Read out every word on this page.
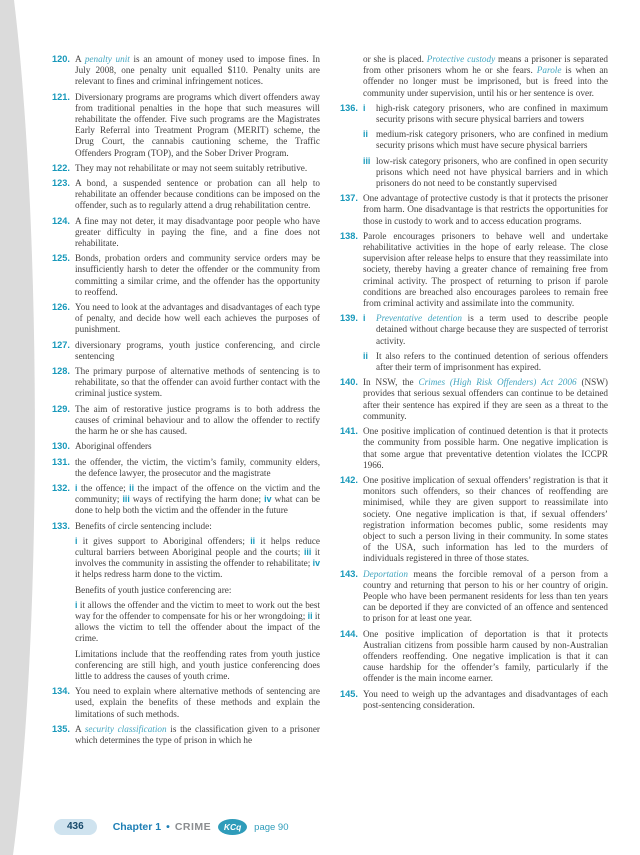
120. A penalty unit is an amount of money used to impose fines. In July 2008, one penalty unit equalled $110. Penalty units are relevant to fines and criminal infringement notices.
121. Diversionary programs are programs which divert offenders away from traditional penalties in the hope that such measures will rehabilitate the offender. Five such programs are the Magistrates Early Referral into Treatment Program (MERIT) scheme, the Drug Court, the cannabis cautioning scheme, the Traffic Offenders Program (TOP), and the Sober Driver Program.
122. They may not rehabilitate or may not seem suitably retributive.
123. A bond, a suspended sentence or probation can all help to rehabilitate an offender because conditions can be imposed on the offender, such as to regularly attend a drug rehabilitation centre.
124. A fine may not deter, it may disadvantage poor people who have greater difficulty in paying the fine, and a fine does not rehabilitate.
125. Bonds, probation orders and community service orders may be insufficiently harsh to deter the offender or the community from committing a similar crime, and the offender has the opportunity to reoffend.
126. You need to look at the advantages and disadvantages of each type of penalty, and decide how well each achieves the purposes of punishment.
127. diversionary programs, youth justice conferencing, and circle sentencing
128. The primary purpose of alternative methods of sentencing is to rehabilitate, so that the offender can avoid further contact with the criminal justice system.
129. The aim of restorative justice programs is to both address the causes of criminal behaviour and to allow the offender to rectify the harm he or she has caused.
130. Aboriginal offenders
131. the offender, the victim, the victim’s family, community elders, the defence lawyer, the prosecutor and the magistrate
132. i the offence; ii the impact of the offence on the victim and the community; iii ways of rectifying the harm done; iv what can be done to help both the victim and the offender in the future
133. Benefits of circle sentencing include:
i it gives support to Aboriginal offenders; ii it helps reduce cultural barriers between Aboriginal people and the courts; iii it involves the community in assisting the offender to rehabilitate; iv it helps redress harm done to the victim.
Benefits of youth justice conferencing are:
i it allows the offender and the victim to meet to work out the best way for the offender to compensate for his or her wrongdoing; ii it allows the victim to tell the offender about the impact of the crime.
Limitations include that the reoffending rates from youth justice conferencing are still high, and youth justice conferencing does little to address the causes of youth crime.
134. You need to explain where alternative methods of sentencing are used, explain the benefits of these methods and explain the limitations of such methods.
135. A security classification is the classification given to a prisoner which determines the type of prison in which he
or she is placed. Protective custody means a prisoner is separated from other prisoners whom he or she fears. Parole is when an offender no longer must be imprisoned, but is freed into the community under supervision, until his or her sentence is over.
136. i	high-risk category prisoners, who are confined in maximum security prisons with secure physical barriers and towers
ii medium-risk category prisoners, who are confined in medium security prisons which must have secure physical barriers
iii low-risk category prisoners, who are confined in open security prisons which need not have physical barriers and in which prisoners do not need to be constantly supervised
137. One advantage of protective custody is that it protects the prisoner from harm. One disadvantage is that restricts the opportunities for those in custody to work and to access education programs.
138. Parole encourages prisoners to behave well and undertake rehabilitative activities in the hope of early release. The close supervision after release helps to ensure that they reassimilate into society, thereby having a greater chance of remaining free from criminal activity. The prospect of returning to prison if parole conditions are breached also encourages parolees to remain free from criminal activity and assimilate into the community.
139. i	Preventative detention is a term used to describe people detained without charge because they are suspected of terrorist activity.
ii It also refers to the continued detention of serious offenders after their term of imprisonment has expired.
140. In NSW, the Crimes (High Risk Offenders) Act 2006 (NSW) provides that serious sexual offenders can continue to be detained after their sentence has expired if they are seen as a threat to the community.
141. One positive implication of continued detention is that it protects the community from possible harm. One negative implication is that some argue that preventative detention violates the ICCPR 1966.
142. One positive implication of sexual offenders’ registration is that it monitors such offenders, so their chances of reoffending are minimised, while they are given support to reassimilate into society. One negative implication is that, if sexual offenders’ registration information becomes public, some residents may object to such a person living in their community. In some states of the USA, such information has led to the murders of individuals registered in three of those states.
143. Deportation means the forcible removal of a person from a country and returning that person to his or her country of origin. People who have been permanent residents for less than ten years can be deported if they are convicted of an offence and sentenced to prison for at least one year.
144. One positive implication of deportation is that it protects Australian citizens from possible harm caused by non-Australian offenders reoffending. One negative implication is that it can cause hardship for the offender’s family, particularly if the offender is the main income earner.
145. You need to weigh up the advantages and disadvantages of each post-sentencing consideration.
436	Chapter 1 • CRIME	KCq	page 90
